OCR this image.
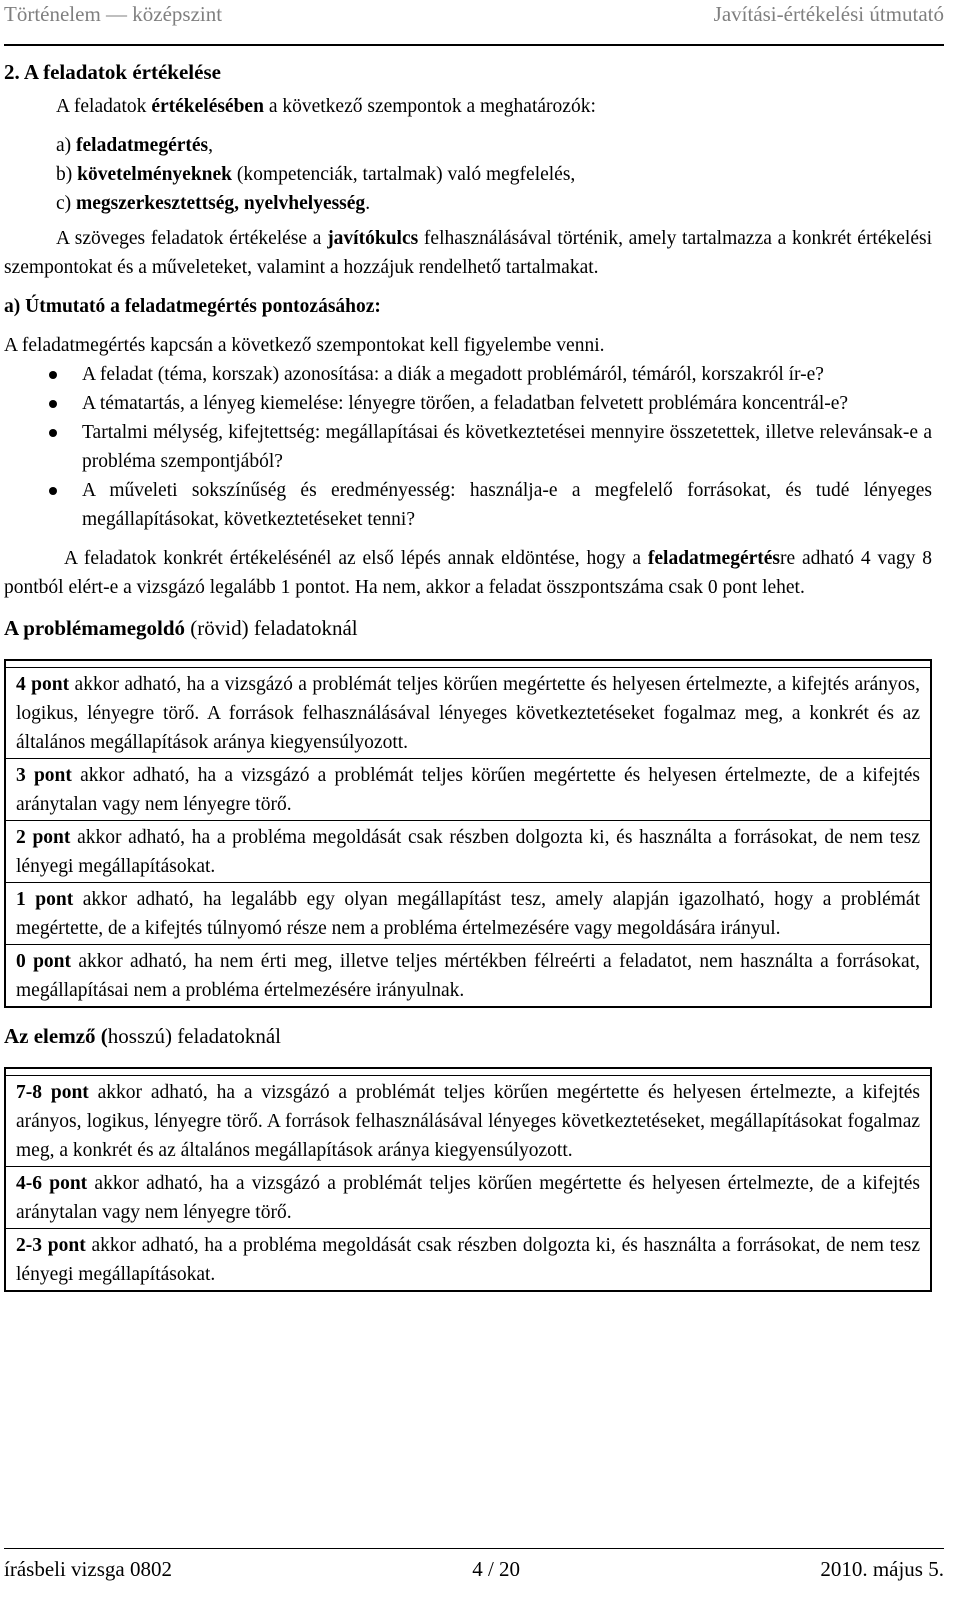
Történelem — középszint	Javítási-értékelési útmutató

2. A feladatok értékelése

A feladatok értékelésében a következő szempontok a meghatározók:

a) feladatmegértés,

b) követelményeknek (kompetenciák, tartalmak) való megfelelés,

c) megszerkesztettség, nyelvhelyesség.

A szöveges feladatok értékelése a javítókulcs felhasználásával történik, amely tartalmazza a konkrét értékelési szempontokat és a műveleteket, valamint a hozzájuk rendelhető tartalmakat.

a) Útmutató a feladatmegértés pontozásához:

A feladatmegértés kapcsán a következő szempontokat kell figyelembe venni.

A feladat (téma, korszak) azonosítása: a diák a megadott problémáról, témáról, korszakról ír-e?
A tématartás, a lényeg kiemelése: lényegre törően, a feladatban felvetett problémára koncentrál-e?
Tartalmi mélység, kifejtettség: megállapításai és következtetései mennyire összetettek, illetve relevánsak-e a probléma szempontjából?
A műveleti sokszínűség és eredményesség: használja-e a megfelelő forrásokat, és tudé lényeges megállapításokat, következtetéseket tenni?

A feladatok konkrét értékelésénél az első lépés annak eldöntése, hogy a feladatmegértésre adható 4 vagy 8 pontból elért-e a vizsgázó legalább 1 pontot. Ha nem, akkor a feladat összpontszáma csak 0 pont lehet.

A problémamegoldó (rövid) feladatoknál

4 pont akkor adható, ha a vizsgázó a problémát teljes körűen megértette és helyesen értelmezte, a kifejtés arányos, logikus, lényegre törő. A források felhasználásával lényeges következtetéseket fogalmaz meg, a konkrét és az általános megállapítások aránya kiegyensúlyozott.
3 pont akkor adható, ha a vizsgázó a problémát teljes körűen megértette és helyesen értelmezte, de a kifejtés aránytalan vagy nem lényegre törő.
2 pont akkor adható, ha a probléma megoldását csak részben dolgozta ki, és használta a forrásokat, de nem tesz lényegi megállapításokat.
1 pont akkor adható, ha legalább egy olyan megállapítást tesz, amely alapján igazolható, hogy a problémát megértette, de a kifejtés túlnyomó része nem a probléma értelmezésére vagy megoldására irányul.
0 pont akkor adható, ha nem érti meg, illetve teljes mértékben félreérti a feladatot, nem használta a forrásokat, megállapításai nem a probléma értelmezésére irányulnak.

Az elemző (hosszú) feladatoknál

7-8 pont akkor adható, ha a vizsgázó a problémát teljes körűen megértette és helyesen értelmezte, a kifejtés arányos, logikus, lényegre törő. A források felhasználásával lényeges következtetéseket, megállapításokat fogalmaz meg, a konkrét és az általános megállapítások aránya kiegyensúlyozott.
4-6 pont akkor adható, ha a vizsgázó a problémát teljes körűen megértette és helyesen értelmezte, de a kifejtés aránytalan vagy nem lényegre törő.
2-3 pont akkor adható, ha a probléma megoldását csak részben dolgozta ki, és használta a forrásokat, de nem tesz lényegi megállapításokat.
írásbeli vizsga 0802	4 / 20	2010. május 5.
